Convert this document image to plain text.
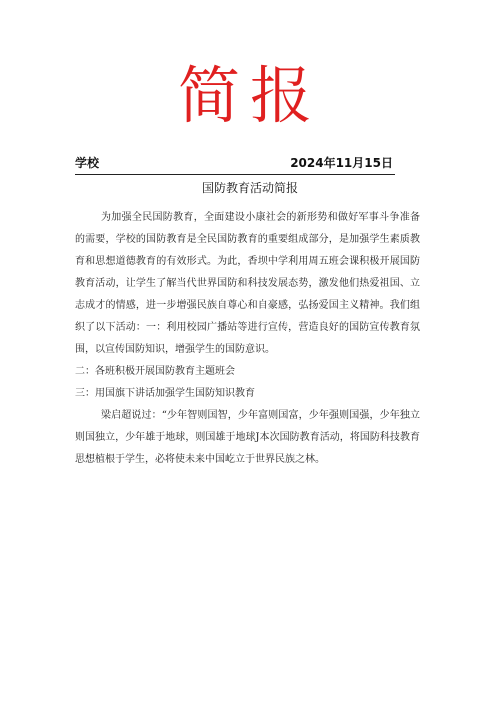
简报
学校	2024年11月15日
国防教育活动简报

为加强全民国防教育，全面建设小康社会的新形势和做好军事斗争准备的需要，学校的国防教育是全民国防教育的重要组成部分，是加强学生素质教育和思想道德教育的有效形式。为此，香坝中学利用周五班会课积极开展国防教育活动，让学生了解当代世界国防和科技发展态势，激发他们热爱祖国、立志成才的情感，进一步增强民族自尊心和自豪感，弘扬爱国主义精神。我们组织了以下活动：一：利用校园广播站等进行宣传，营造良好的国防宣传教育氛围，以宣传国防知识，增强学生的国防意识。

二：各班积极开展国防教育主题班会

三：用国旗下讲话加强学生国防知识教育

梁启超说过：“少年智则国智，少年富则国富，少年强则国强，少年独立则国独立，少年雄于地球，则国雄于地球J本次国防教育活动，将国防科技教育思想植根于学生，必将使未来中国屹立于世界民族之林。
